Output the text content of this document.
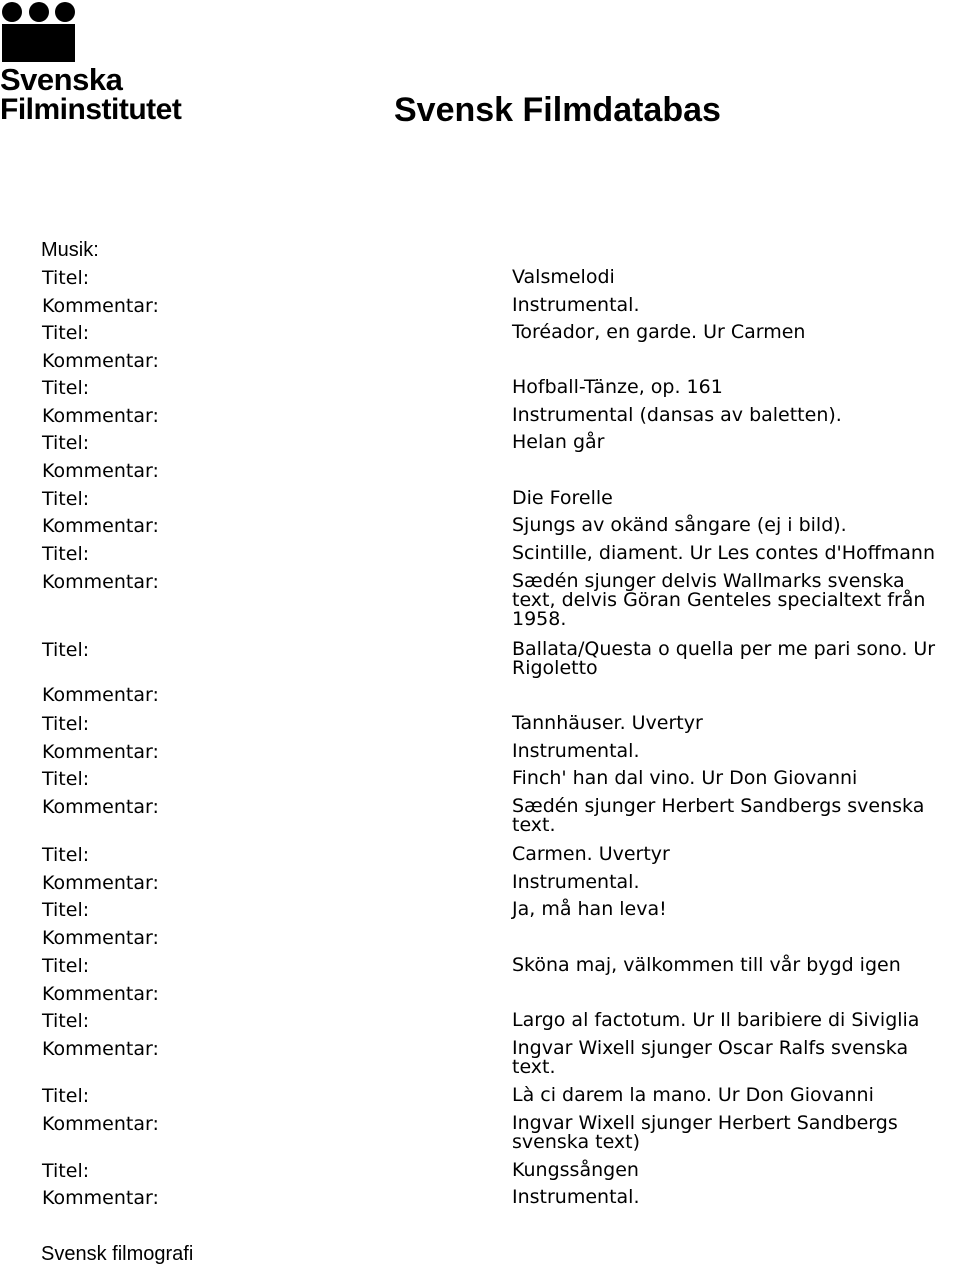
Svenska
Filminstitutet	Svensk Filmdatabas
Musik:
Titel:	Valsmelodi
Kommentar:	Instrumental.
Titel:	Toréador, en garde. Ur Carmen
Kommentar:
Titel:	Hofball-Tänze, op. 161
Kommentar:	Instrumental (dansas av baletten).
Titel:	Helan går
Kommentar:
Titel:	Die Forelle
Kommentar:	Sjungs av okänd sångare (ej i bild).
Titel:	Scintille, diament. Ur Les contes d'Hoffmann
Kommentar:	Sædén sjunger delvis Wallmarks svenska
text, delvis Göran Genteles specialtext från
1958.
Titel:	Ballata/Questa o quella per me pari sono. Ur
Rigoletto
Kommentar:
Titel:	Tannhäuser. Uvertyr
Kommentar:	Instrumental.
Titel:	Finch' han dal vino. Ur Don Giovanni
Kommentar:	Sædén sjunger Herbert Sandbergs svenska
text.
Titel:	Carmen. Uvertyr
Kommentar:	Instrumental.
Titel:	Ja, må han leva!
Kommentar:
Titel:	Sköna maj, välkommen till vår bygd igen
Kommentar:
Titel:	Largo al factotum. Ur Il baribiere di Siviglia
Kommentar:	Ingvar Wixell sjunger Oscar Ralfs svenska
text.
Titel:	Là ci darem la mano. Ur Don Giovanni
Kommentar:	Ingvar Wixell sjunger Herbert Sandbergs
svenska text)
Titel:	Kungssången
Kommentar:	Instrumental.
Svensk filmografi
